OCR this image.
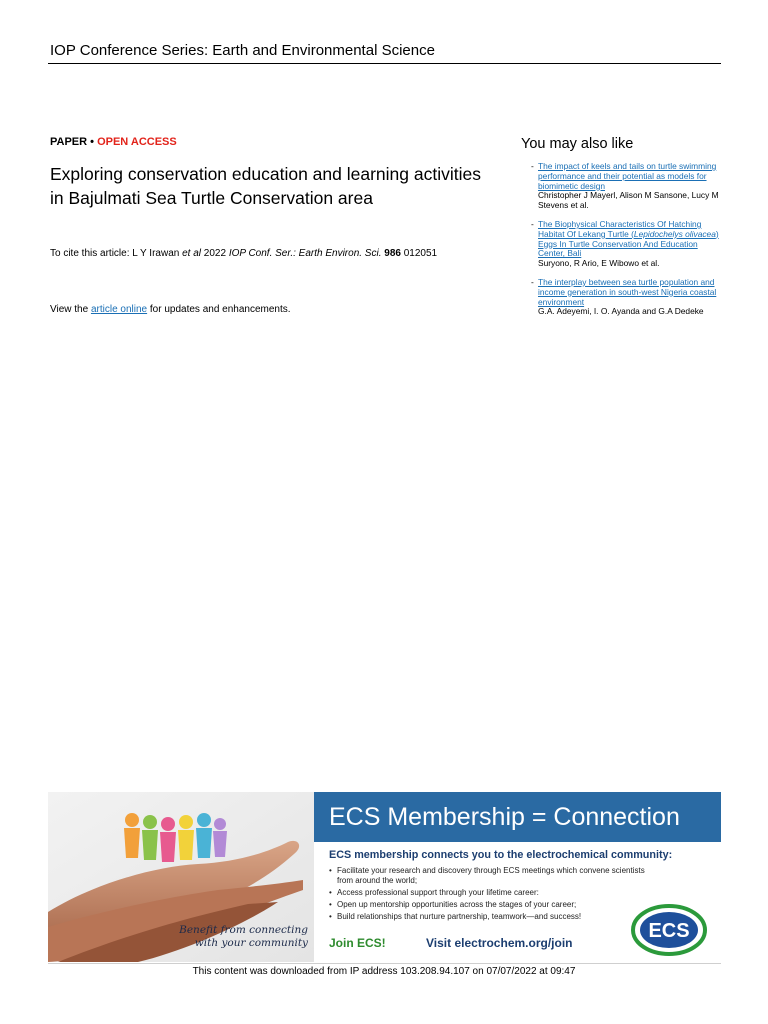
IOP Conference Series: Earth and Environmental Science
PAPER • OPEN ACCESS
Exploring conservation education and learning activities in Bajulmati Sea Turtle Conservation area
To cite this article: L Y Irawan et al 2022 IOP Conf. Ser.: Earth Environ. Sci. 986 012051
View the article online for updates and enhancements.
You may also like
- The impact of keels and tails on turtle swimming performance and their potential as models for biomimetic design
Christopher J Mayerl, Alison M Sansone, Lucy M Stevens et al.
- The Biophysical Characteristics Of Hatching Habitat Of Lekang Turtle (Lepidochelys olivacea) Eggs In Turtle Conservation And Education Center, Bali
Suryono, R Ario, E Wibowo et al.
- The interplay between sea turtle population and income generation in south-west Nigeria coastal environment
G.A. Adeyemi, I. O. Ayanda and G.A Dedeke
Benefit from connecting
with your community
ECS Membership = Connection
ECS membership connects you to the electrochemical community:
• Facilitate your research and discovery through ECS meetings which convene scientists from around the world;
• Access professional support through your lifetime career:
• Open up mentorship opportunities across the stages of your career;
• Build relationships that nurture partnership, teamwork—and success!
Join ECS!	Visit electrochem.org/join
ECS
This content was downloaded from IP address 103.208.94.107 on 07/07/2022 at 09:47
